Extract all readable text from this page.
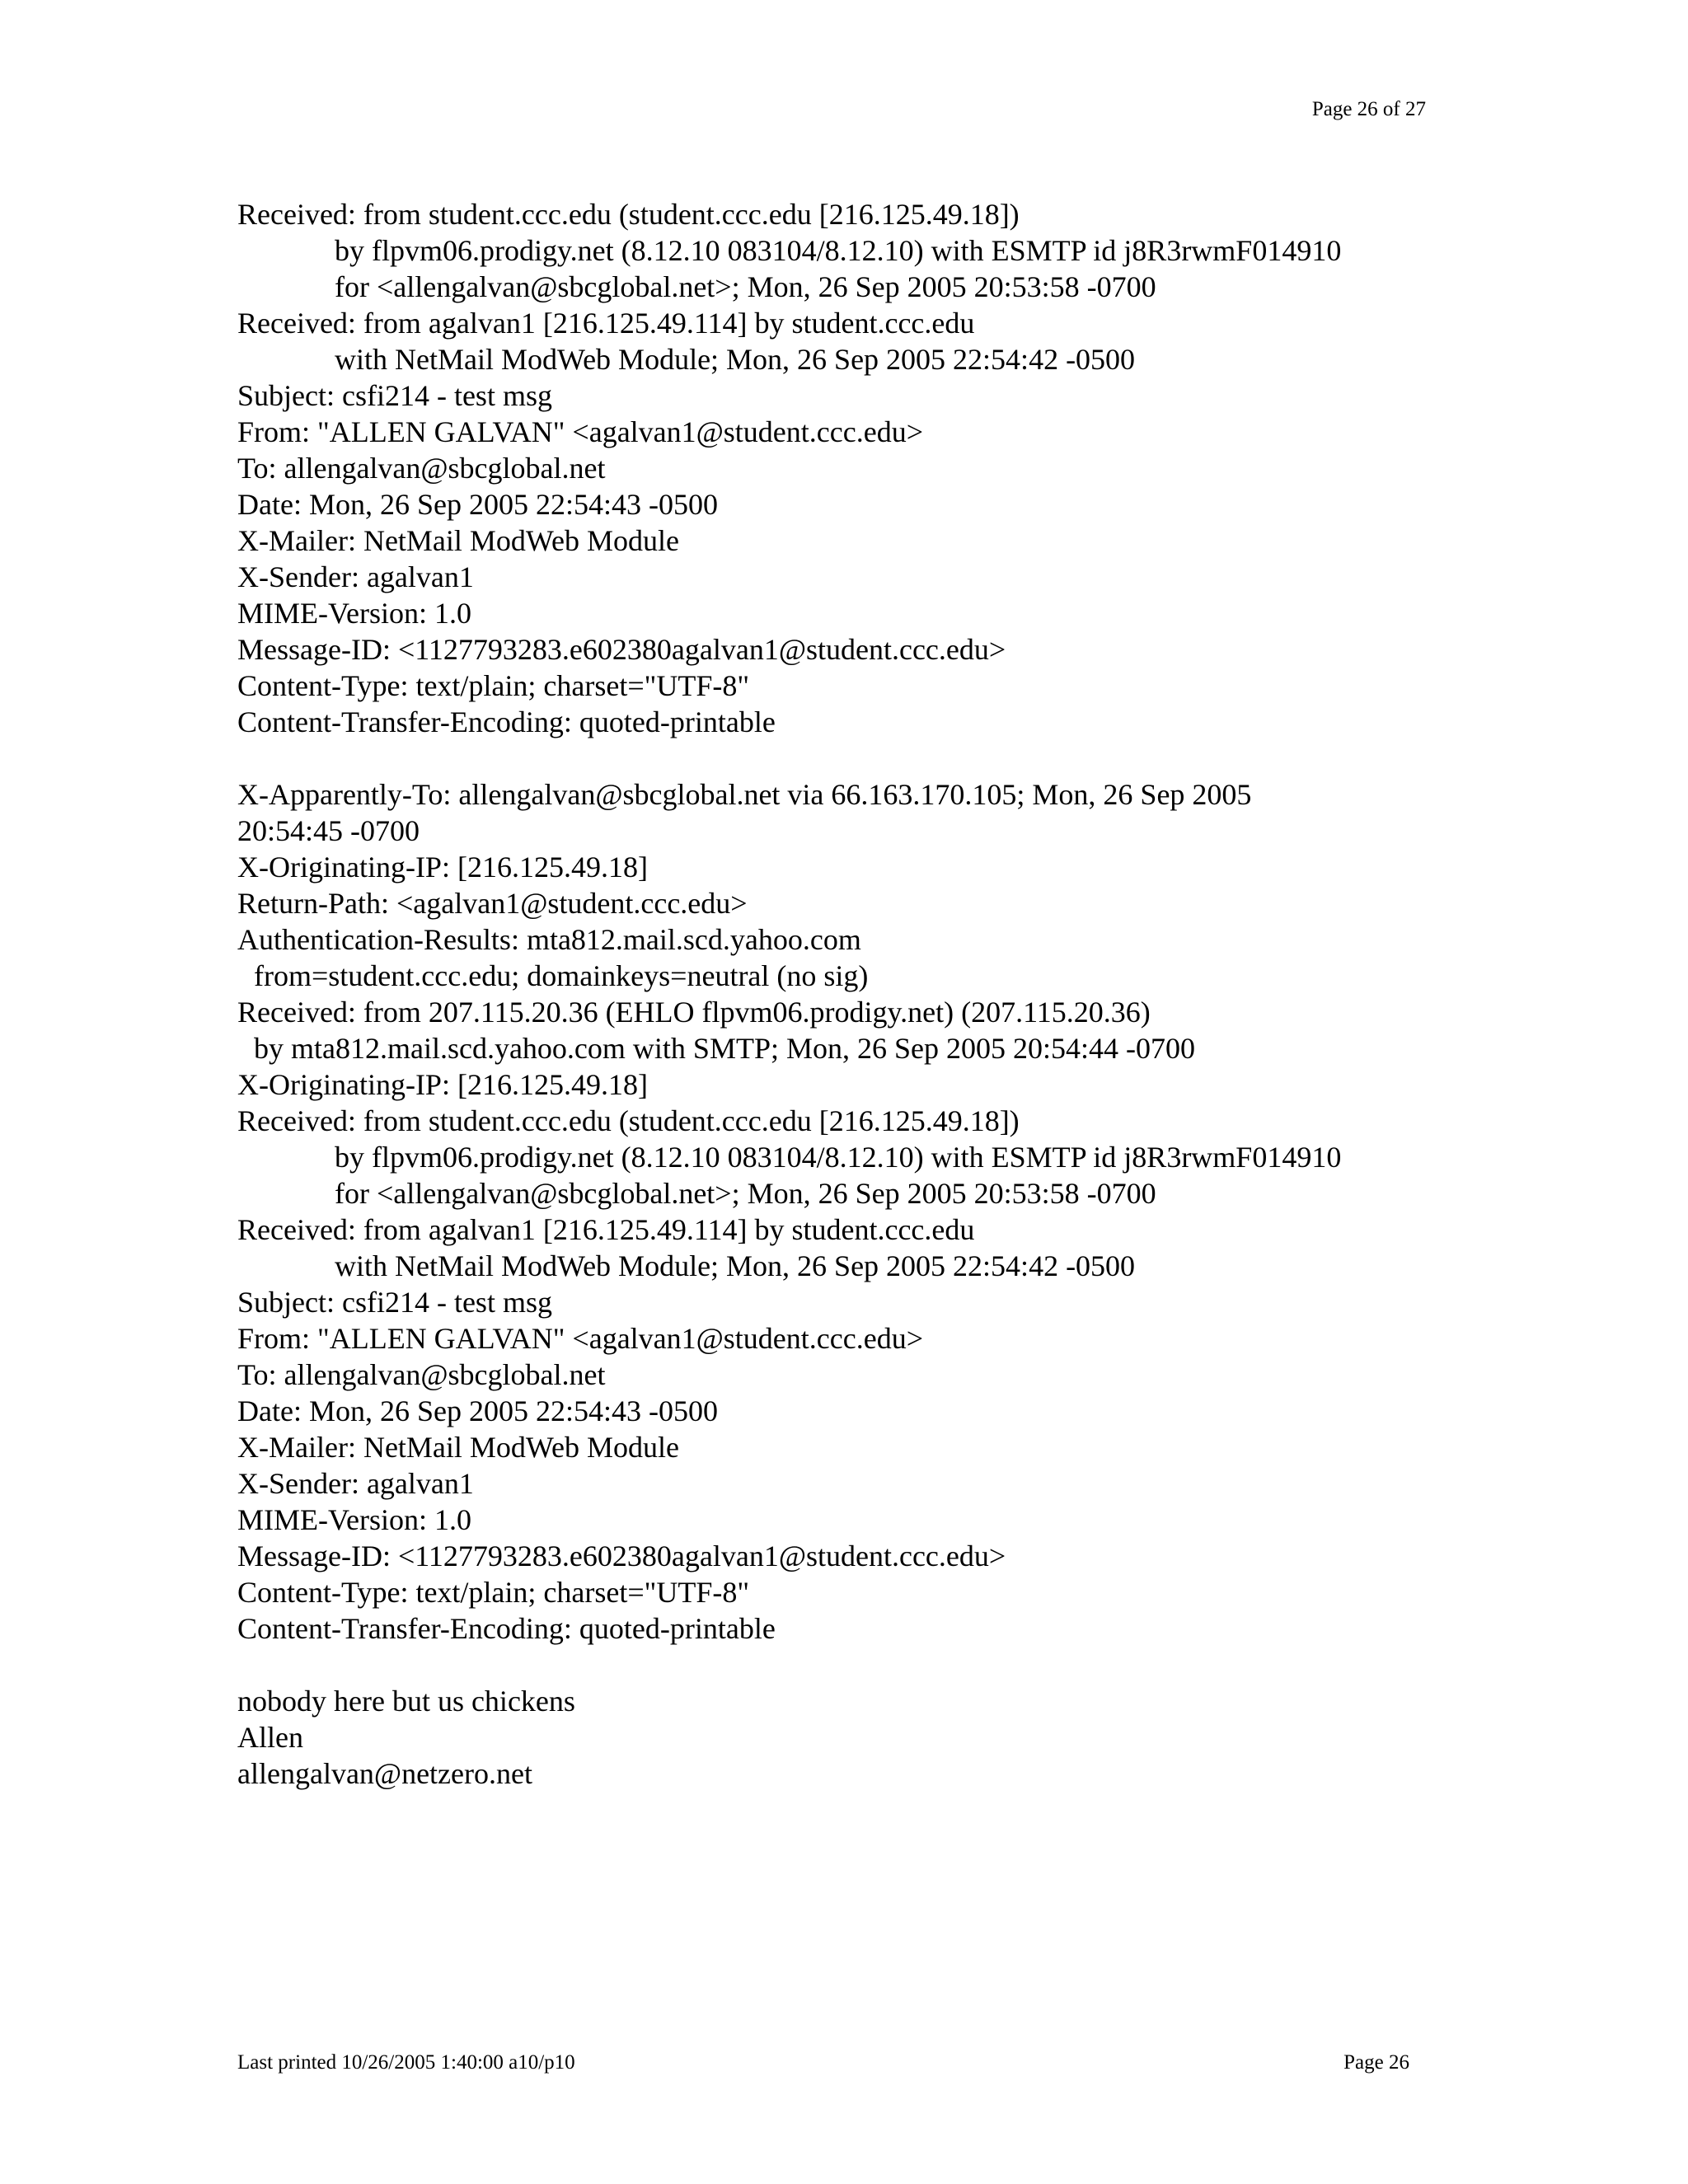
Page 26 of 27
Received: from student.ccc.edu (student.ccc.edu [216.125.49.18])
by flpvm06.prodigy.net (8.12.10 083104/8.12.10) with ESMTP id j8R3rwmF014910
for <allengalvan@sbcglobal.net>; Mon, 26 Sep 2005 20:53:58 -0700
Received: from agalvan1 [216.125.49.114] by student.ccc.edu
with NetMail ModWeb Module; Mon, 26 Sep 2005 22:54:42 -0500
Subject: csfi214 - test msg
From: "ALLEN GALVAN" <agalvan1@student.ccc.edu>
To: allengalvan@sbcglobal.net
Date: Mon, 26 Sep 2005 22:54:43 -0500
X-Mailer: NetMail ModWeb Module
X-Sender: agalvan1
MIME-Version: 1.0
Message-ID: <1127793283.e602380agalvan1@student.ccc.edu>
Content-Type: text/plain; charset="UTF-8"
Content-Transfer-Encoding: quoted-printable
X-Apparently-To: allengalvan@sbcglobal.net via 66.163.170.105; Mon, 26 Sep 2005
20:54:45 -0700
X-Originating-IP: [216.125.49.18]
Return-Path: <agalvan1@student.ccc.edu>
Authentication-Results: mta812.mail.scd.yahoo.com
from=student.ccc.edu; domainkeys=neutral (no sig)
Received: from 207.115.20.36 (EHLO flpvm06.prodigy.net) (207.115.20.36)
by mta812.mail.scd.yahoo.com with SMTP; Mon, 26 Sep 2005 20:54:44 -0700
X-Originating-IP: [216.125.49.18]
Received: from student.ccc.edu (student.ccc.edu [216.125.49.18])
by flpvm06.prodigy.net (8.12.10 083104/8.12.10) with ESMTP id j8R3rwmF014910
for <allengalvan@sbcglobal.net>; Mon, 26 Sep 2005 20:53:58 -0700
Received: from agalvan1 [216.125.49.114] by student.ccc.edu
with NetMail ModWeb Module; Mon, 26 Sep 2005 22:54:42 -0500
Subject: csfi214 - test msg
From: "ALLEN GALVAN" <agalvan1@student.ccc.edu>
To: allengalvan@sbcglobal.net
Date: Mon, 26 Sep 2005 22:54:43 -0500
X-Mailer: NetMail ModWeb Module
X-Sender: agalvan1
MIME-Version: 1.0
Message-ID: <1127793283.e602380agalvan1@student.ccc.edu>
Content-Type: text/plain; charset="UTF-8"
Content-Transfer-Encoding: quoted-printable
nobody here but us chickens
Allen
allengalvan@netzero.net
Last printed 10/26/2005 1:40:00 a10/p10	Page 26
